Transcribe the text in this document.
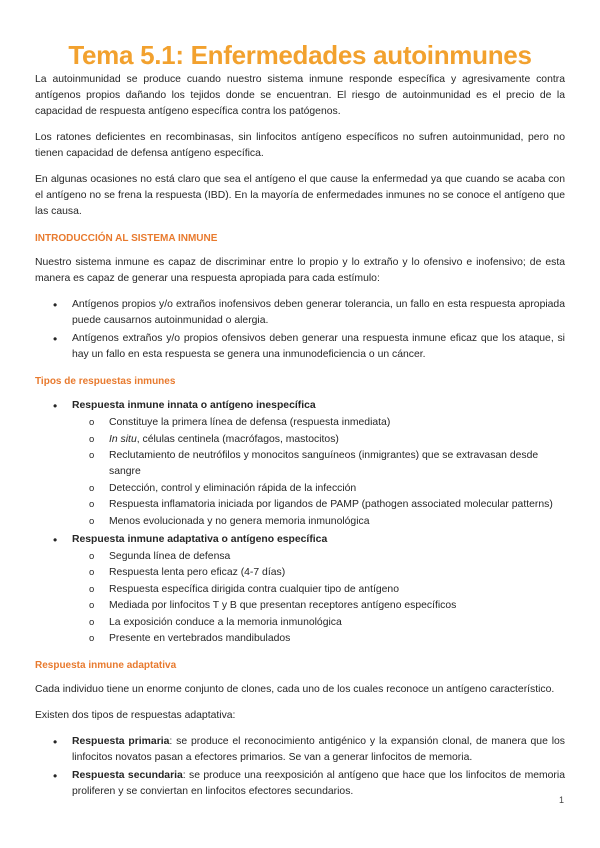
Tema 5.1: Enfermedades autoinmunes

La autoinmunidad se produce cuando nuestro sistema inmune responde específica y agresivamente contra antígenos propios dañando los tejidos donde se encuentran. El riesgo de autoinmunidad es el precio de la capacidad de respuesta antígeno específica contra los patógenos.

Los ratones deficientes en recombinasas, sin linfocitos antígeno específicos no sufren autoinmunidad, pero no tienen capacidad de defensa antígeno específica.

En algunas ocasiones no está claro que sea el antígeno el que cause la enfermedad ya que cuando se acaba con el antígeno no se frena la respuesta (IBD). En la mayoría de enfermedades inmunes no se conoce el antígeno que las causa.

INTRODUCCIÓN AL SISTEMA INMUNE

Nuestro sistema inmune es capaz de discriminar entre lo propio y lo extraño y lo ofensivo e inofensivo; de esta manera es capaz de generar una respuesta apropiada para cada estímulo:

• Antígenos propios y/o extraños inofensivos deben generar tolerancia, un fallo en esta respuesta apropiada puede causarnos autoinmunidad o alergia.
• Antígenos extraños y/o propios ofensivos deben generar una respuesta inmune eficaz que los ataque, si hay un fallo en esta respuesta se genera una inmunodeficiencia o un cáncer.
Tipos de respuestas inmunes
• Respuesta inmune innata o antígeno inespecífica
o Constituye la primera línea de defensa (respuesta inmediata)
o In situ, células centinela (macrófagos, mastocitos)
o Reclutamiento de neutrófilos y monocitos sanguíneos (inmigrantes) que se extravasan desde sangre
o Detección, control y eliminación rápida de la infección
o Respuesta inflamatoria iniciada por ligandos de PAMP (pathogen associated molecular patterns)
o Menos evolucionada y no genera memoria inmunológica
• Respuesta inmune adaptativa o antígeno específica
o Segunda línea de defensa
o Respuesta lenta pero eficaz (4-7 días)
o Respuesta específica dirigida contra cualquier tipo de antígeno
o Mediada por linfocitos T y B que presentan receptores antígeno específicos
o La exposición conduce a la memoria inmunológica
o Presente en vertebrados mandibulados
Respuesta inmune adaptativa

Cada individuo tiene un enorme conjunto de clones, cada uno de los cuales reconoce un antígeno característico.

Existen dos tipos de respuestas adaptativa:

• Respuesta primaria: se produce el reconocimiento antigénico y la expansión clonal, de manera que los linfocitos novatos pasan a efectores primarios. Se van a generar linfocitos de memoria.
• Respuesta secundaria: se produce una reexposición al antígeno que hace que los linfocitos de memoria proliferen y se conviertan en linfocitos efectores secundarios.
1
